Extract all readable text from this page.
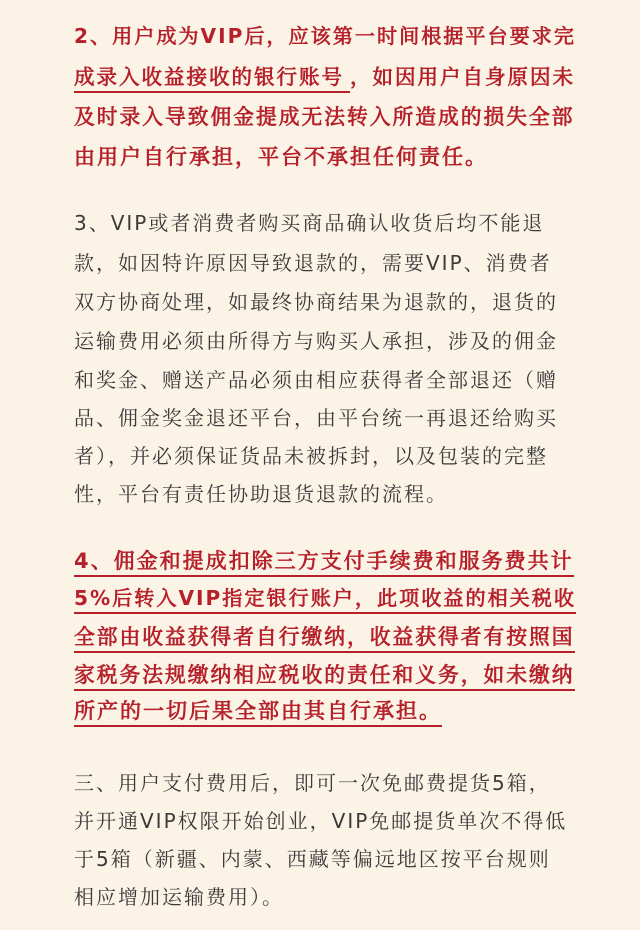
2、用户成为VIP后，应该第一时间根据平台要求完
成录入收益接收的银行账号 ，如因用户自身原因未
及时录入导致佣金提成无法转入所造成的损失全部
由用户自行承担，平台不承担任何责任。
3、VIP或者消费者购买商品确认收货后均不能退
款，如因特许原因导致退款的，需要VIP、消费者
双方协商处理，如最终协商结果为退款的，退货的
运输费用必须由所得方与购买人承担，涉及的佣金
和奖金、赠送产品必须由相应获得者全部退还（赠
品、佣金奖金退还平台，由平台统一再退还给购买
者），并必须保证货品未被拆封，以及包装的完整
性，平台有责任协助退货退款的流程。
4、佣金和提成扣除三方支付手续费和服务费共计
5%后转入VIP指定银行账户，此项收益的相关税收
全部由收益获得者自行缴纳，收益获得者有按照国
家税务法规缴纳相应税收的责任和义务，如未缴纳
所产的一切后果全部由其自行承担。
三、用户支付费用后，即可一次免邮费提货5箱，
并开通VIP权限开始创业，VIP免邮提货单次不得低
于5箱（新疆、内蒙、西藏等偏远地区按平台规则
相应增加运输费用）。
